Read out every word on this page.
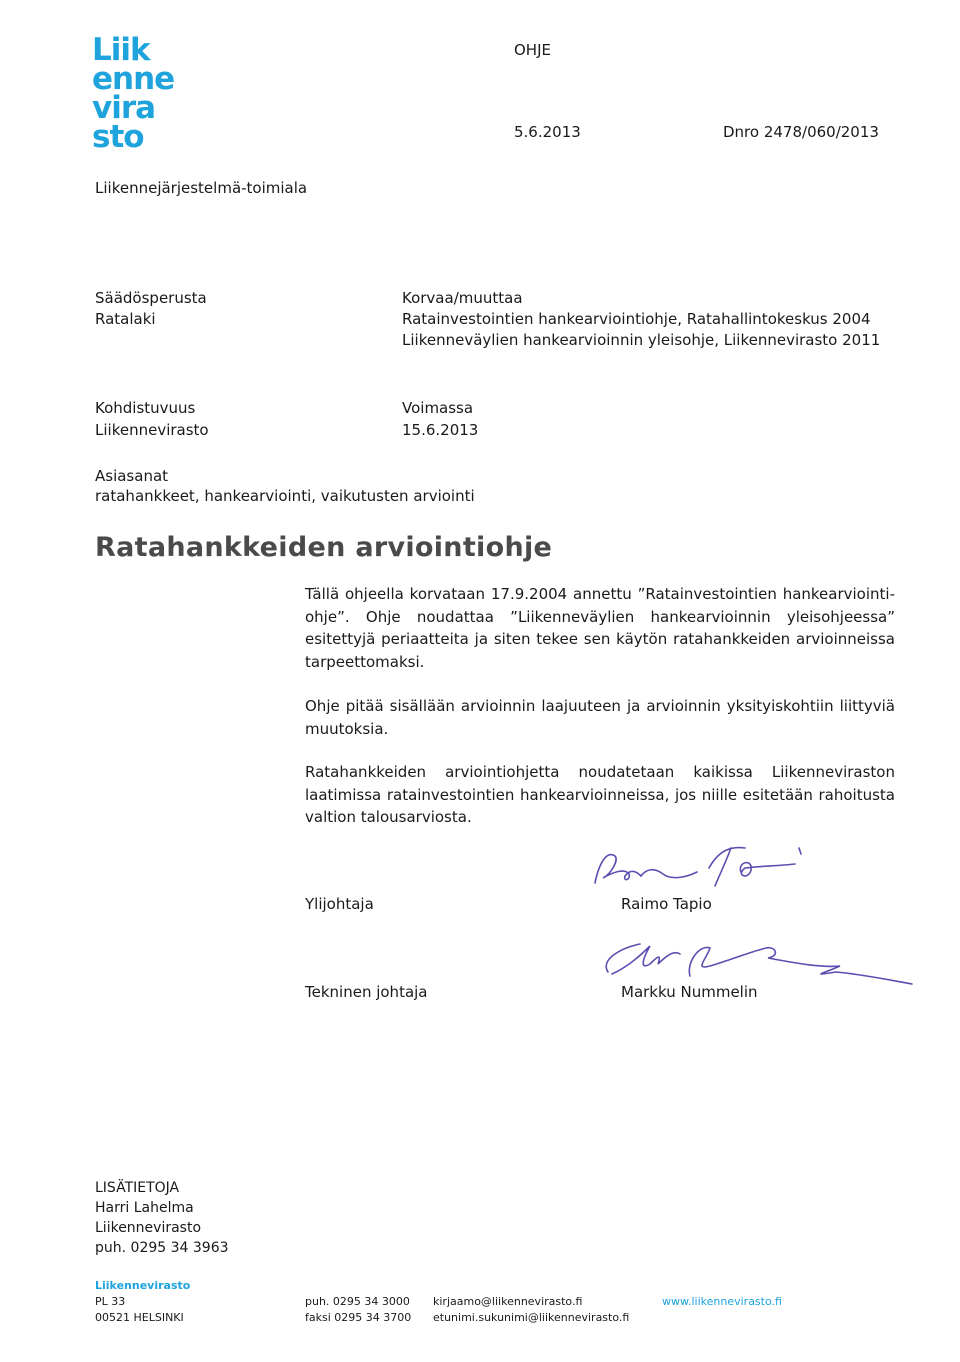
Liik
enne
vira
sto
OHJE
5.6.2013	Dnro 2478/060/2013
Liikennejärjestelmä-toimiala
Säädösperusta
Ratalaki
Korvaa/muuttaa
Ratainvestointien hankearviointiohje, Ratahallintokeskus 2004
Liikenneväylien hankearvioinnin yleisohje, Liikennevirasto 2011
Kohdistuvuus
Liikennevirasto
Voimassa
15.6.2013
Asiasanat
ratahankkeet, hankearviointi, vaikutusten arviointi
Ratahankkeiden arviointiohje
Tällä ohjeella korvataan 17.9.2004 annettu ”Ratainvestointien hankearviointi-ohje”. Ohje noudattaa ”Liikenneväylien hankearvioinnin yleisohjeessa” esitettyjä periaatteita ja siten tekee sen käytön ratahankkeiden arvioinneissa tarpeettomaksi.
Ohje pitää sisällään arvioinnin laajuuteen ja arvioinnin yksityiskohtiin liittyviä muutoksia.
Ratahankkeiden arviointiohjetta noudatetaan kaikissa Liikenneviraston laatimissa ratainvestointien hankearvioinneissa, jos niille esitetään rahoitusta valtion talousarviosta.
Ylijohtaja	Raimo Tapio
Tekninen johtaja	Markku Nummelin
LISÄTIETOJA
Harri Lahelma
Liikennevirasto
puh. 0295 34 3963
Liikennevirasto
PL 33
00521 HELSINKI
puh. 0295 34 3000
faksi 0295 34 3700
kirjaamo@liikennevirasto.fi
etunimi.sukunimi@liikennevirasto.fi
www.liikennevirasto.fi
